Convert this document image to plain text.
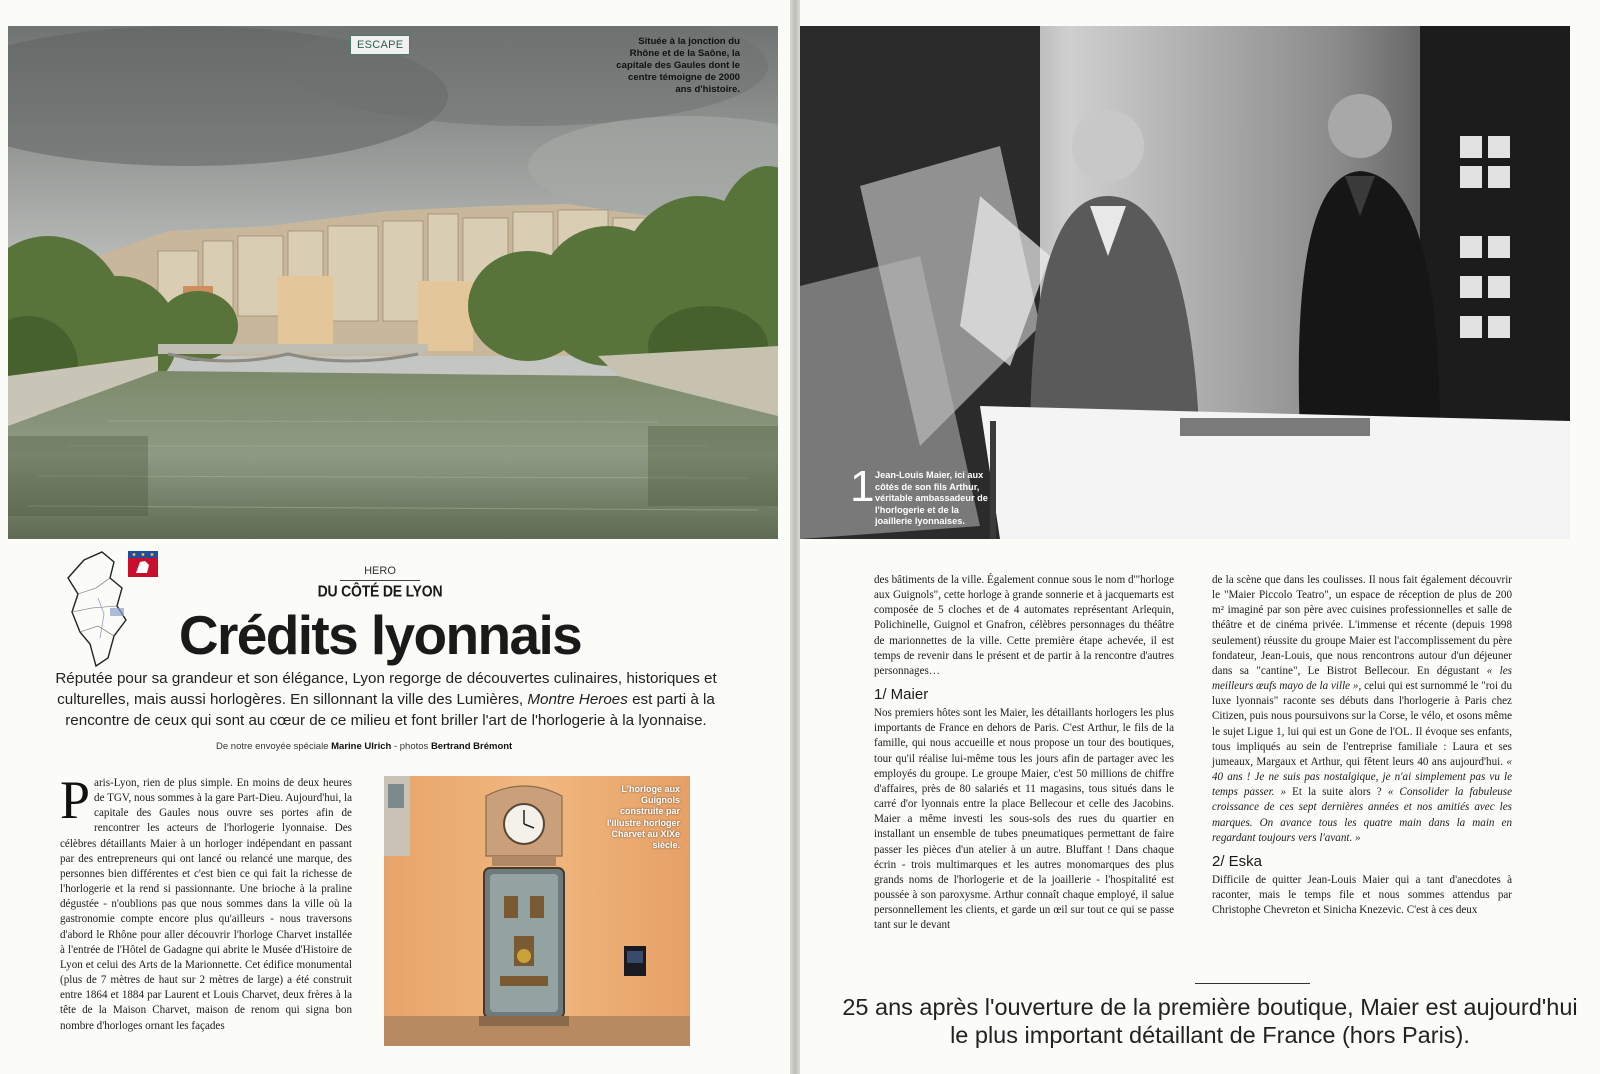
ESCAPE	Située à la jonction du Rhône et de la Saône, la capitale des Gaules dont le centre témoigne de 2000 ans d'histoire.
HERO
DU CÔTÉ DE LYON
Crédits lyonnais
Réputée pour sa grandeur et son élégance, Lyon regorge de découvertes culinaires, historiques et culturelles, mais aussi horlogères. En sillonnant la ville des Lumières, Montre Heroes est parti à la rencontre de ceux qui sont au cœur de ce milieu et font briller l'art de l'horlogerie à la lyonnaise.
De notre envoyée spéciale Marine Ulrich - photos Bertrand Brémont
P aris-Lyon, rien de plus simple. En moins de deux heures de TGV, nous sommes à la gare Part-Dieu. Aujourd'hui, la capitale des Gaules nous ouvre ses portes afin de rencontrer les acteurs de l'horlogerie lyonnaise. Des célèbres détaillants Maier à un horloger indépendant en passant par des entrepreneurs qui ont lancé ou relancé une marque, des personnes bien différentes et c'est bien ce qui fait la richesse de l'horlogerie et la rend si passionnante. Une brioche à la praline dégustée - n'oublions pas que nous sommes dans la ville où la gastronomie compte encore plus qu'ailleurs - nous traversons d'abord le Rhône pour aller découvrir l'horloge Charvet installée à l'entrée de l'Hôtel de Gadagne qui abrite le Musée d'Histoire de Lyon et celui des Arts de la Marionnette. Cet édifice monumental (plus de 7 mètres de haut sur 2 mètres de large) a été construit entre 1864 et 1884 par Laurent et Louis Charvet, deux frères à la tête de la Maison Charvet, maison de renom qui signa bon nombre d'horloges ornant les façades

L'horloge aux Guignols construite par l'illustre horloger Charvet au XIXe siècle.
1 Jean-Louis Maier, ici aux côtés de son fils Arthur, véritable ambassadeur de l'horlogerie et de la joaillerie lyonnaises.

des bâtiments de la ville. Également connue sous le nom d'"horloge aux Guignols", cette horloge à grande sonnerie et à jacquemarts est composée de 5 cloches et de 4 automates représentant Arlequin, Polichinelle, Guignol et Gnafron, célèbres personnages du théâtre de marionnettes de la ville. Cette première étape achevée, il est temps de revenir dans le présent et de partir à la rencontre d'autres personnages…

1/ Maier

Nos premiers hôtes sont les Maier, les détaillants horlogers les plus importants de France en dehors de Paris. C'est Arthur, le fils de la famille, qui nous accueille et nous propose un tour des boutiques, tour qu'il réalise lui-même tous les jours afin de partager avec les employés du groupe. Le groupe Maier, c'est 50 millions de chiffre d'affaires, près de 80 salariés et 11 magasins, tous situés dans le carré d'or lyonnais entre la place Bellecour et celle des Jacobins. Maier a même investi les sous-sols des rues du quartier en installant un ensemble de tubes pneumatiques permettant de faire passer les pièces d'un atelier à un autre. Bluffant ! Dans chaque écrin - trois multimarques et les autres monomarques des plus grands noms de l'horlogerie et de la joaillerie - l'hospitalité est poussée à son paroxysme. Arthur connaît chaque employé, il salue personnellement les clients, et garde un œil sur tout ce qui se passe tant sur le devant

de la scène que dans les coulisses. Il nous fait également découvrir le "Maier Piccolo Teatro", un espace de réception de plus de 200 m² imaginé par son père avec cuisines professionnelles et salle de théâtre et de cinéma privée. L'immense et récente (depuis 1998 seulement) réussite du groupe Maier est l'accomplissement du père fondateur, Jean-Louis, que nous rencontrons autour d'un déjeuner dans sa "cantine", Le Bistrot Bellecour. En dégustant « les meilleurs œufs mayo de la ville », celui qui est surnommé le "roi du luxe lyonnais" raconte ses débuts dans l'horlogerie à Paris chez Citizen, puis nous poursuivons sur la Corse, le vélo, et osons même le sujet Ligue 1, lui qui est un Gone de l'OL. Il évoque ses enfants, tous impliqués au sein de l'entreprise familiale : Laura et ses jumeaux, Margaux et Arthur, qui fêtent leurs 40 ans aujourd'hui. « 40 ans ! Je ne suis pas nostalgique, je n'ai simplement pas vu le temps passer. » Et la suite alors ? « Consolider la fabuleuse croissance de ces sept dernières années et nos amitiés avec les marques. On avance tous les quatre main dans la main en regardant toujours vers l'avant. »

2/ Eska

Difficile de quitter Jean-Louis Maier qui a tant d'anecdotes à raconter, mais le temps file et nous sommes attendus par Christophe Chevreton et Sinicha Knezevic. C'est à ces deux

25 ans après l'ouverture de la première boutique, Maier est aujourd'hui le plus important détaillant de France (hors Paris).
